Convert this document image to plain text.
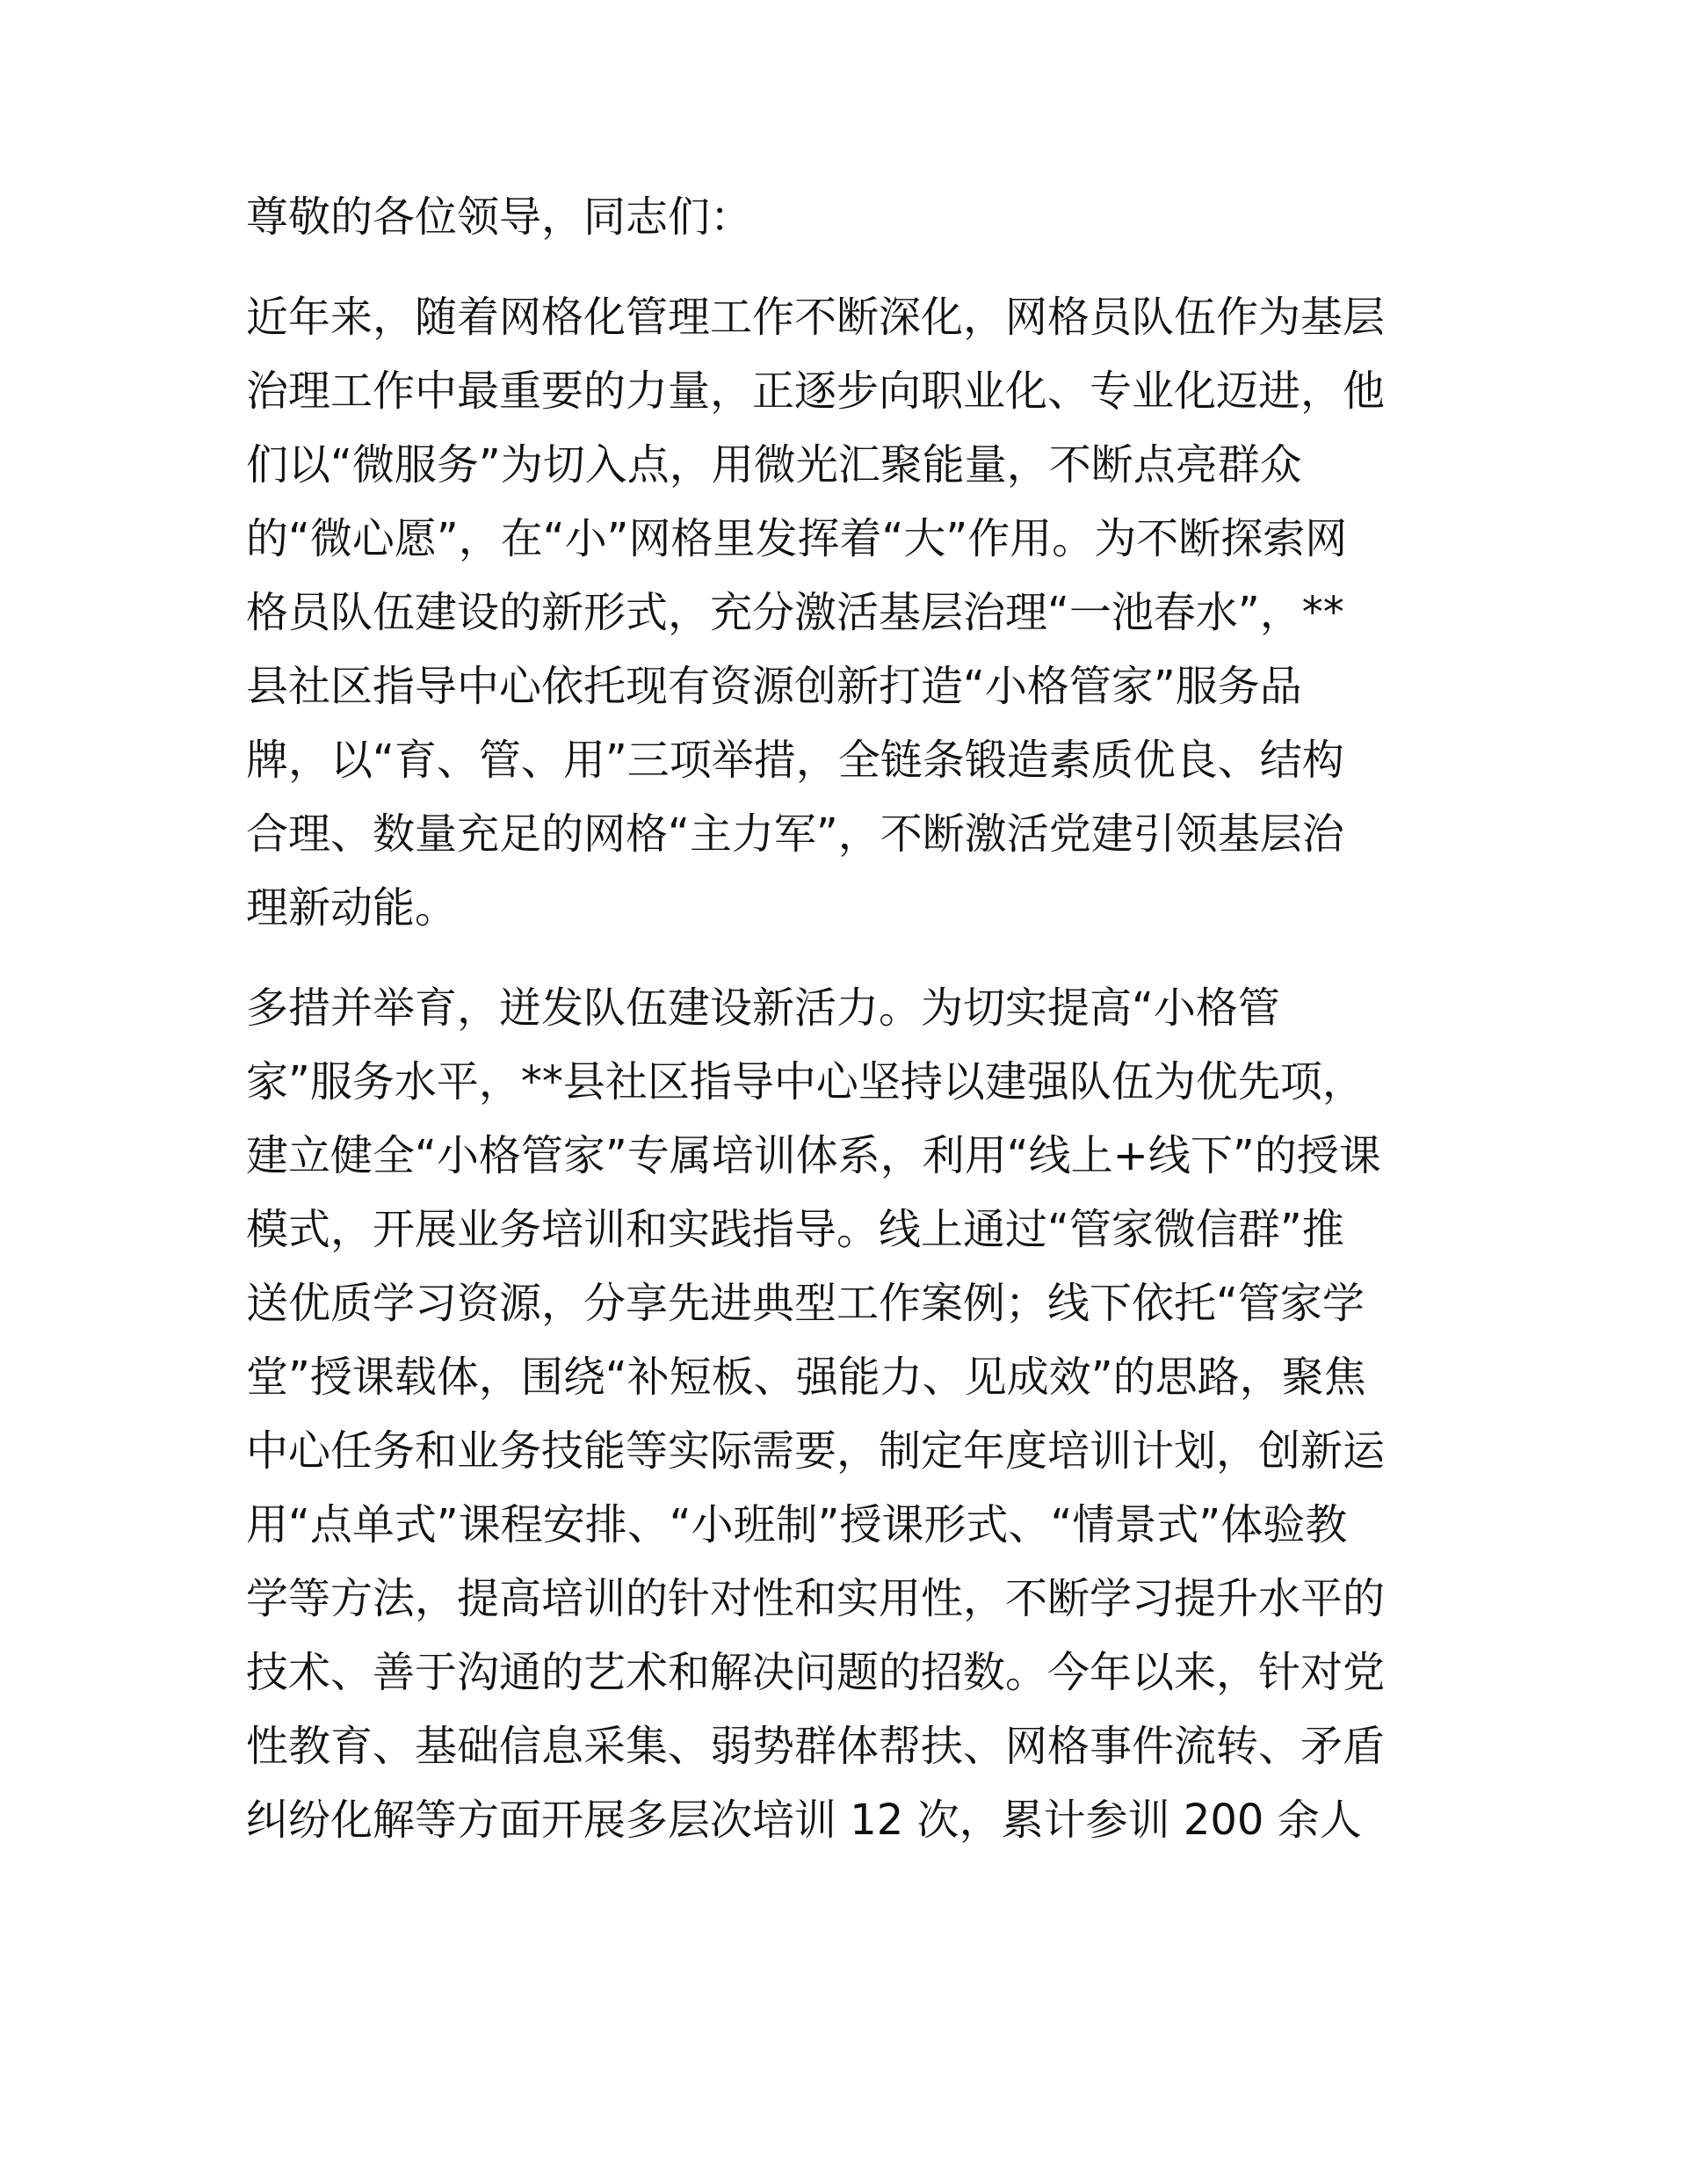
尊敬的各位领导，同志们：

近年来，随着网格化管理工作不断深化，网格员队伍作为基层
治理工作中最重要的力量，正逐步向职业化、专业化迈进，他
们以“微服务”为切入点，用微光汇聚能量，不断点亮群众
的“微心愿”，在“小”网格里发挥着“大”作用。为不断探索网
格员队伍建设的新形式，充分激活基层治理“一池春水”，**
县社区指导中心依托现有资源创新打造“小格管家”服务品
牌，以“育、管、用”三项举措，全链条锻造素质优良、结构
合理、数量充足的网格“主力军”，不断激活党建引领基层治
理新动能。

多措并举育，迸发队伍建设新活力。为切实提高“小格管
家”服务水平，**县社区指导中心坚持以建强队伍为优先项，
建立健全“小格管家”专属培训体系，利用“线上+线下”的授课
模式，开展业务培训和实践指导。线上通过“管家微信群”推
送优质学习资源，分享先进典型工作案例；线下依托“管家学
堂”授课载体，围绕“补短板、强能力、见成效”的思路，聚焦
中心任务和业务技能等实际需要，制定年度培训计划，创新运
用“点单式”课程安排、“小班制”授课形式、“情景式”体验教
学等方法，提高培训的针对性和实用性，不断学习提升水平的
技术、善于沟通的艺术和解决问题的招数。今年以来，针对党
性教育、基础信息采集、弱势群体帮扶、网格事件流转、矛盾
纠纷化解等方面开展多层次培训 12 次，累计参训 200 余人
